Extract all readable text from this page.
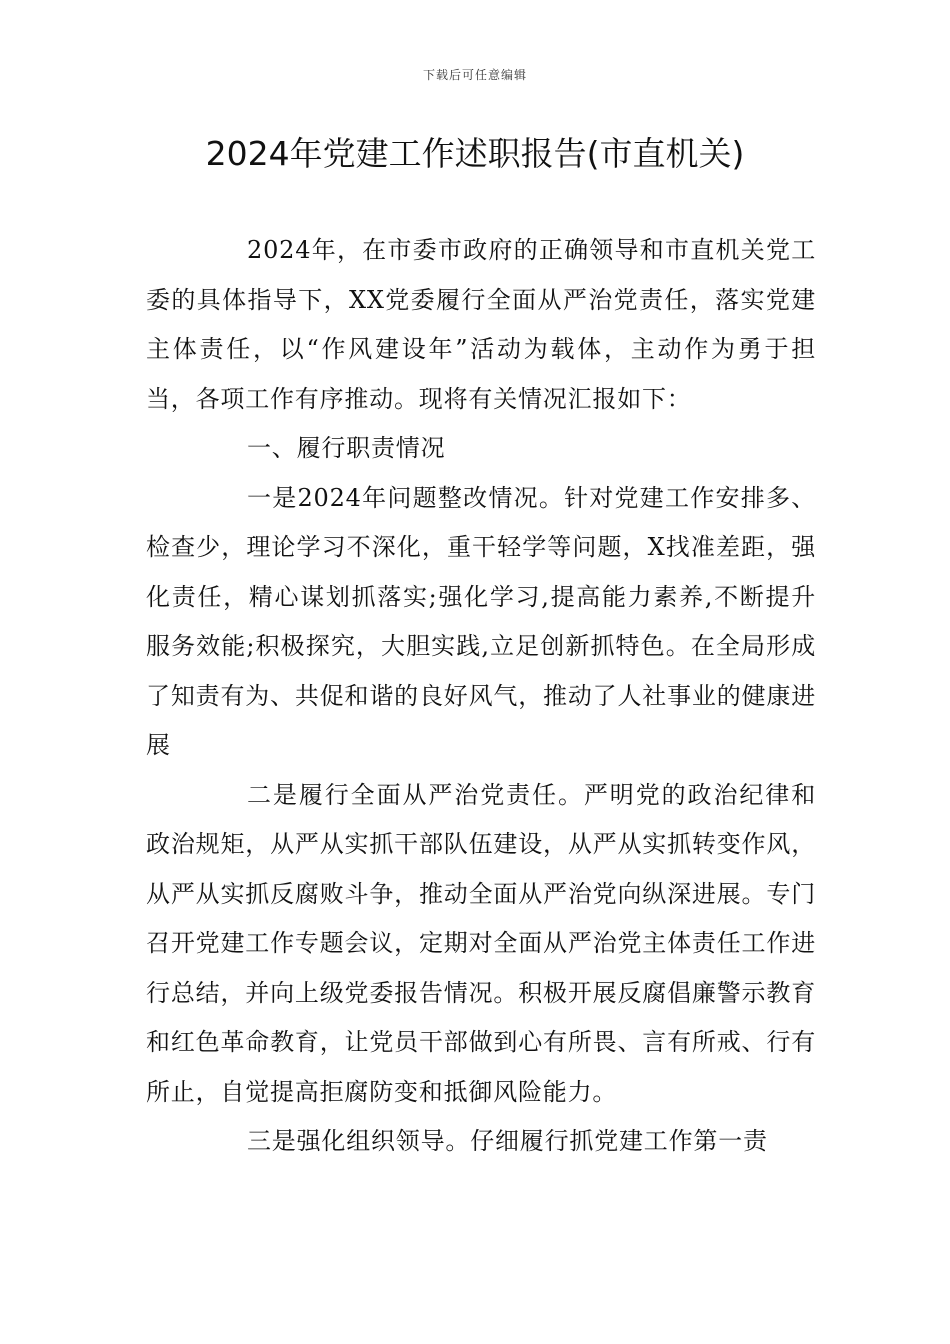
下载后可任意编辑
2024年党建工作述职报告(市直机关)

2024年，在市委市政府的正确领导和市直机关党工委的具体指导下，XX党委履行全面从严治党责任，落实党建主体责任，以“作风建设年”活动为载体，主动作为勇于担当，各项工作有序推动。现将有关情况汇报如下：

一、履行职责情况

一是2024年问题整改情况。针对党建工作安排多、检查少，理论学习不深化，重干轻学等问题，X找准差距，强化责任，精心谋划抓落实;强化学习,提高能力素养,不断提升服务效能;积极探究，大胆实践,立足创新抓特色。在全局形成了知责有为、共促和谐的良好风气，推动了人社事业的健康进展

二是履行全面从严治党责任。严明党的政治纪律和政治规矩，从严从实抓干部队伍建设，从严从实抓转变作风，从严从实抓反腐败斗争，推动全面从严治党向纵深进展。专门召开党建工作专题会议，定期对全面从严治党主体责任工作进行总结，并向上级党委报告情况。积极开展反腐倡廉警示教育和红色革命教育，让党员干部做到心有所畏、言有所戒、行有所止，自觉提高拒腐防变和抵御风险能力。

三是强化组织领导。仔细履行抓党建工作第一责
